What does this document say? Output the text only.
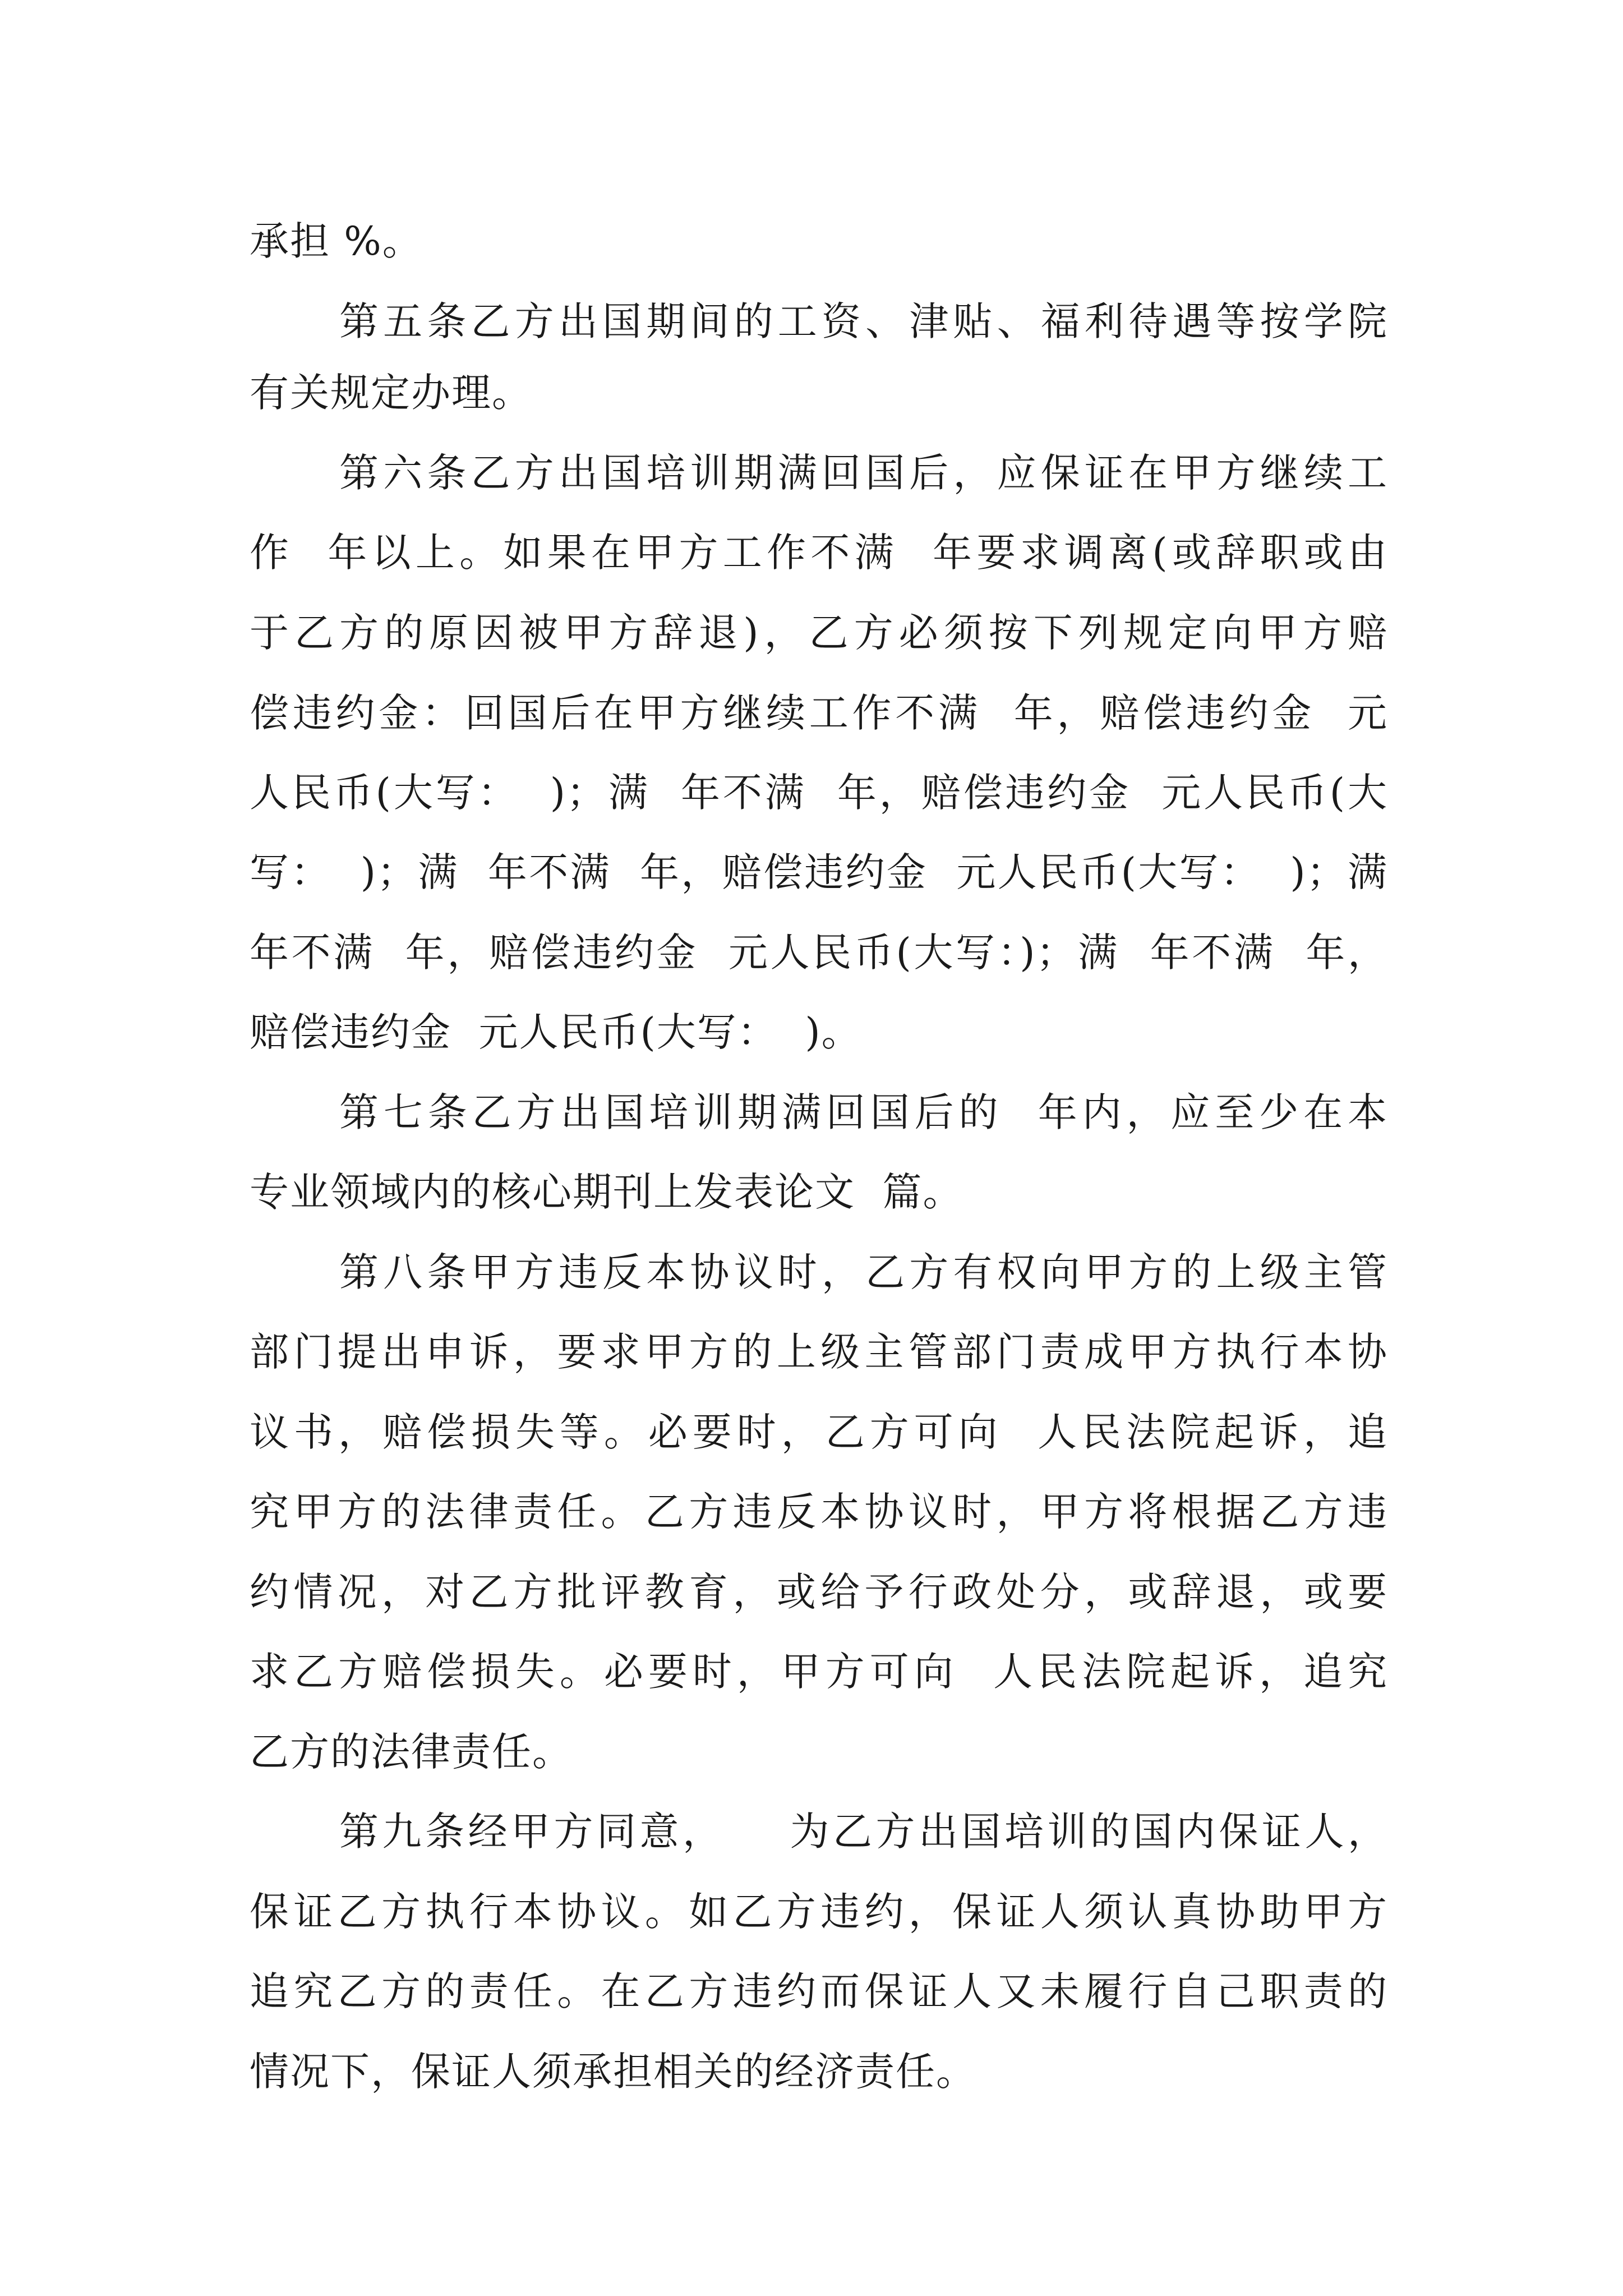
承担 %。
第五条乙方出国期间的工资、津贴、福利待遇等按学院
有关规定办理。
第六条乙方出国培训期满回国后，应保证在甲方继续工
作  年以上。如果在甲方工作不满  年要求调离(或辞职或由
于乙方的原因被甲方辞退)，乙方必须按下列规定向甲方赔
偿违约金：回国后在甲方继续工作不满  年，赔偿违约金  元
人民币(大写：  )；满  年不满  年，赔偿违约金  元人民币(大
写：  )；满  年不满  年，赔偿违约金  元人民币(大写：  )；满
年不满  年，赔偿违约金  元人民币(大写：)；满  年不满  年，
赔偿违约金  元人民币(大写：  )。
第七条乙方出国培训期满回国后的  年内，应至少在本
专业领域内的核心期刊上发表论文  篇。
第八条甲方违反本协议时，乙方有权向甲方的上级主管
部门提出申诉，要求甲方的上级主管部门责成甲方执行本协
议书，赔偿损失等。必要时，乙方可向  人民法院起诉，追
究甲方的法律责任。乙方违反本协议时，甲方将根据乙方违
约情况，对乙方批评教育，或给予行政处分，或辞退，或要
求乙方赔偿损失。必要时，甲方可向  人民法院起诉，追究
乙方的法律责任。
第九条经甲方同意，    为乙方出国培训的国内保证人，
保证乙方执行本协议。如乙方违约，保证人须认真协助甲方
追究乙方的责任。在乙方违约而保证人又未履行自己职责的
情况下，保证人须承担相关的经济责任。
